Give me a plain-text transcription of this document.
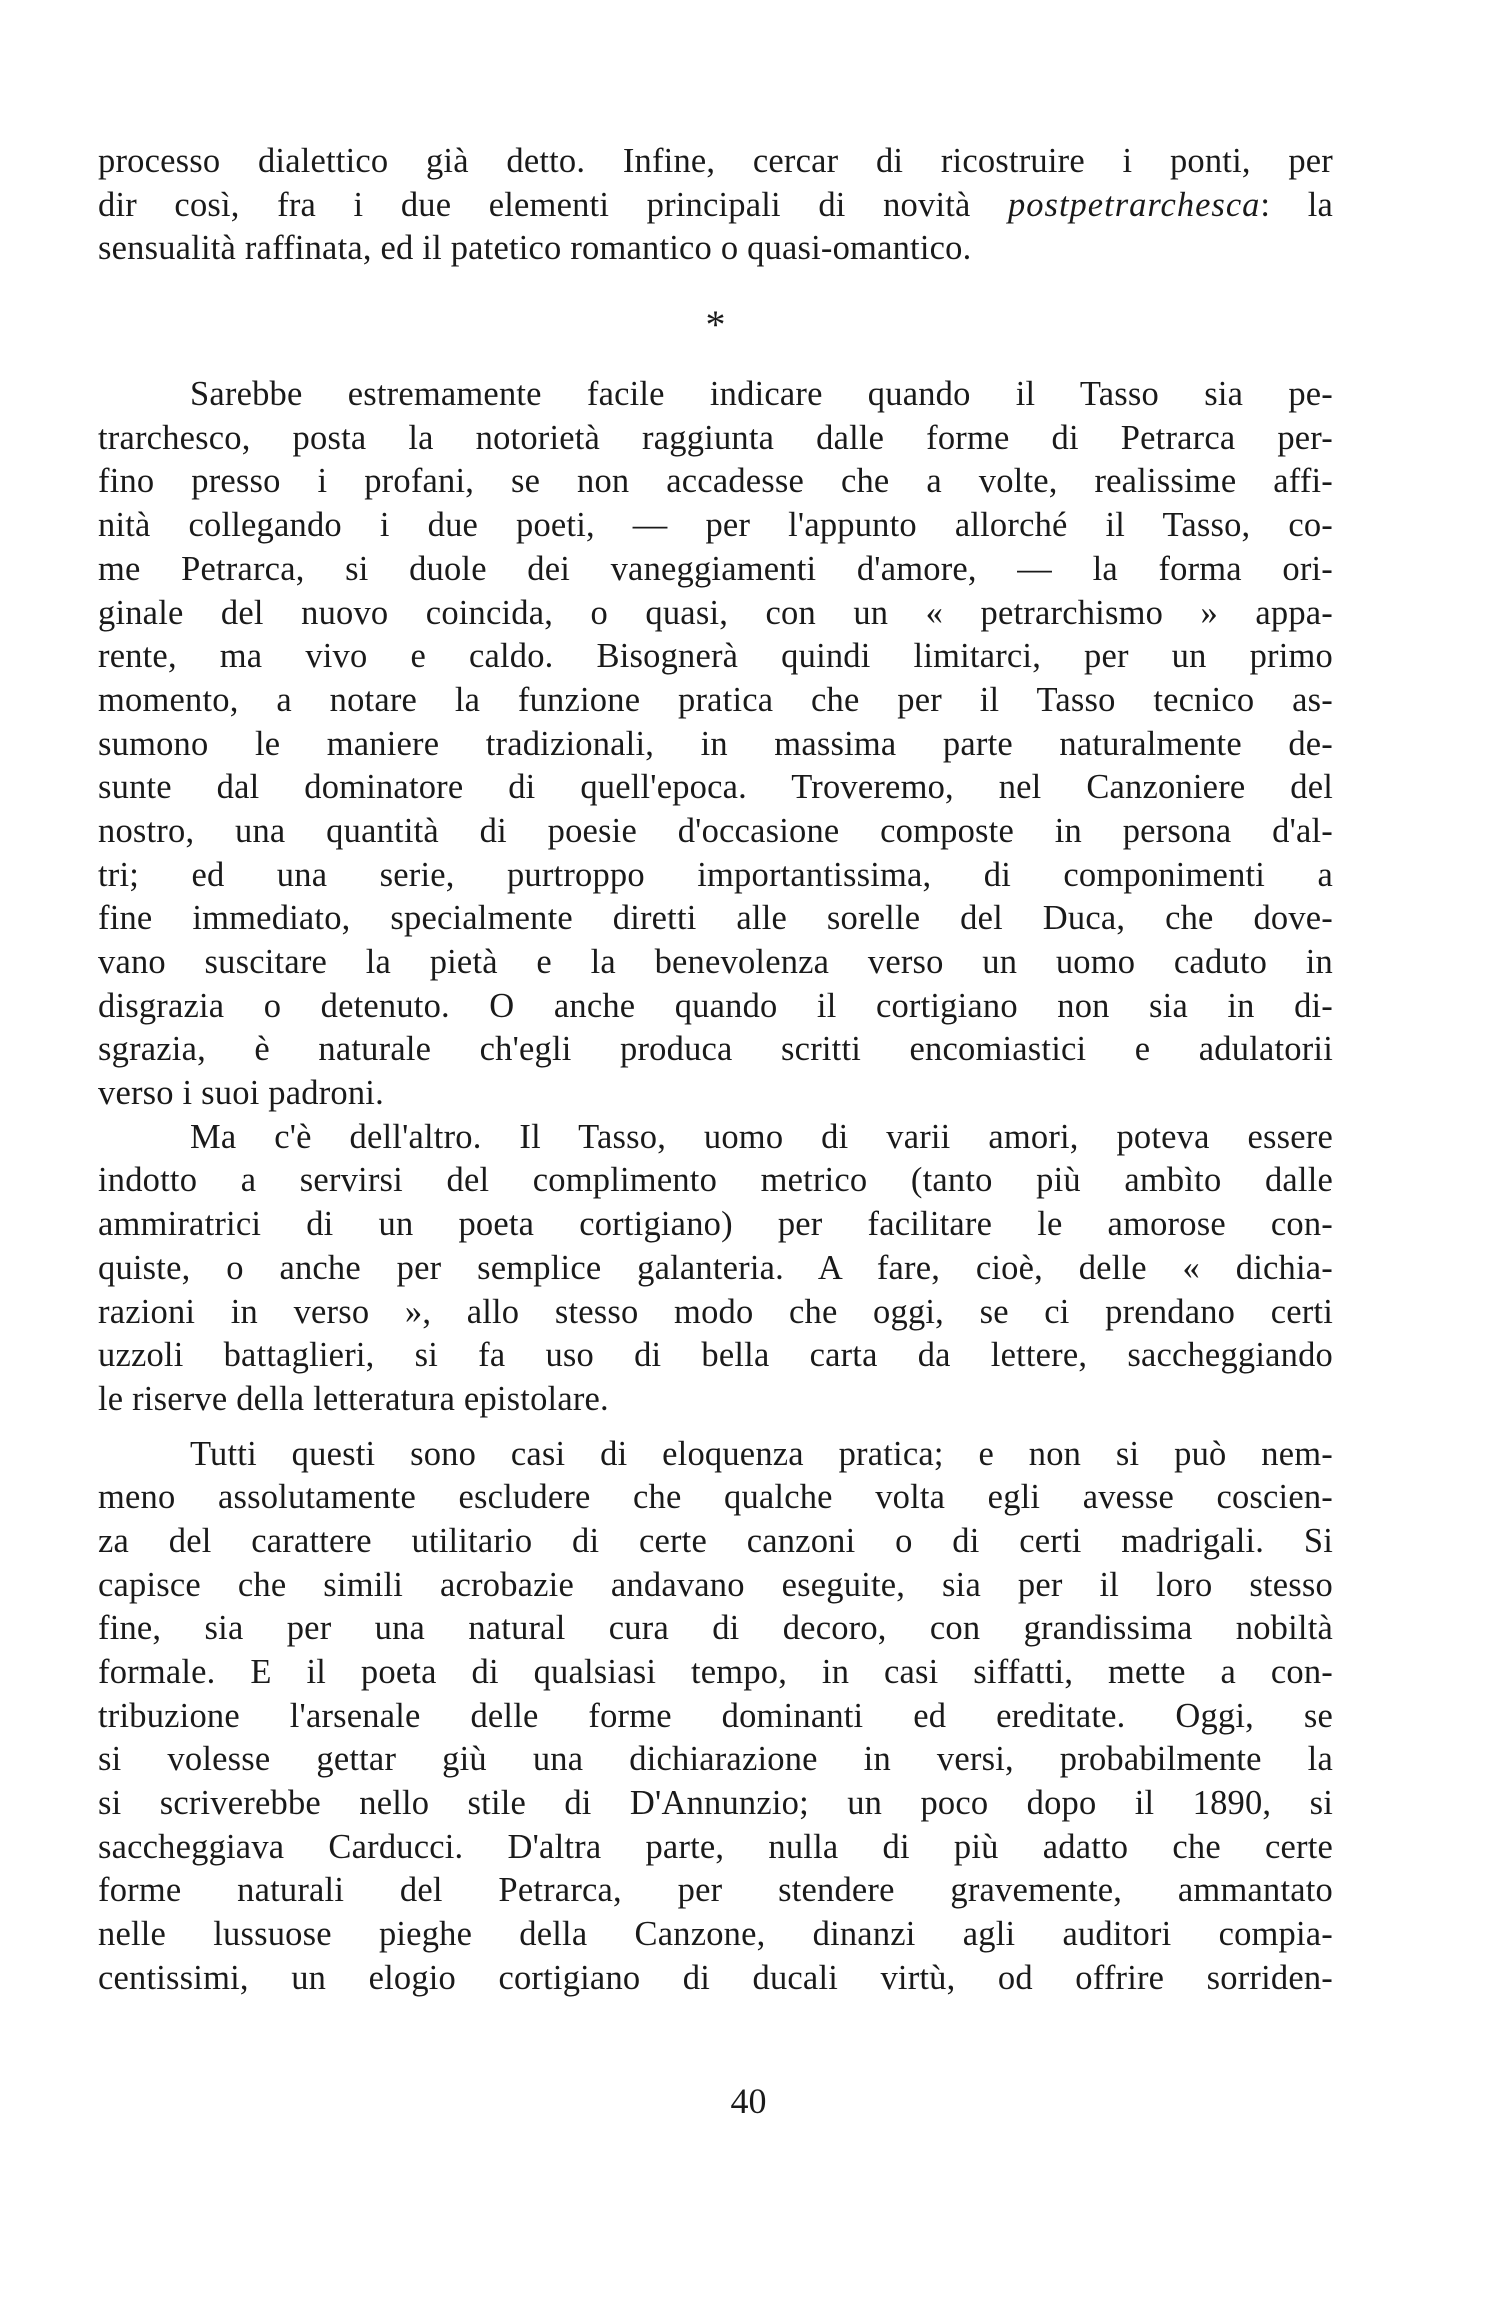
processo dialettico già detto. Infine, cercar di ricostruire i ponti, per
dir così, fra i due elementi principali di novità postpetrarchesca: la
sensualità raffinata, ed il patetico romantico o quasi-omantico.
*
Sarebbe estremamente facile indicare quando il Tasso sia pe-
trarchesco, posta la notorietà raggiunta dalle forme di Petrarca per-
fino presso i profani, se non accadesse che a volte, realissime affi-
nità collegando i due poeti, — per l'appunto allorché il Tasso, co-
me Petrarca, si duole dei vaneggiamenti d'amore, — la forma ori-
ginale del nuovo coincida, o quasi, con un « petrarchismo » appa-
rente, ma vivo e caldo. Bisognerà quindi limitarci, per un primo
momento, a notare la funzione pratica che per il Tasso tecnico as-
sumono le maniere tradizionali, in massima parte naturalmente de-
sunte dal dominatore di quell'epoca. Troveremo, nel Canzoniere del
nostro, una quantità di poesie d'occasione composte in persona d'al-
tri; ed una serie, purtroppo importantissima, di componimenti a
fine immediato, specialmente diretti alle sorelle del Duca, che dove-
vano suscitare la pietà e la benevolenza verso un uomo caduto in
disgrazia o detenuto. O anche quando il cortigiano non sia in di-
sgrazia, è naturale ch'egli produca scritti encomiastici e adulatorii
verso i suoi padroni.
Ma c'è dell'altro. Il Tasso, uomo di varii amori, poteva essere
indotto a servirsi del complimento metrico (tanto più ambìto dalle
ammiratrici di un poeta cortigiano) per facilitare le amorose con-
quiste, o anche per semplice galanteria. A fare, cioè, delle « dichia-
razioni in verso », allo stesso modo che oggi, se ci prendano certi
uzzoli battaglieri, si fa uso di bella carta da lettere, saccheggiando
le riserve della letteratura epistolare.
Tutti questi sono casi di eloquenza pratica; e non si può nem-
meno assolutamente escludere che qualche volta egli avesse coscien-
za del carattere utilitario di certe canzoni o di certi madrigali. Si
capisce che simili acrobazie andavano eseguite, sia per il loro stesso
fine, sia per una natural cura di decoro, con grandissima nobiltà
formale. E il poeta di qualsiasi tempo, in casi siffatti, mette a con-
tribuzione l'arsenale delle forme dominanti ed ereditate. Oggi, se
si volesse gettar giù una dichiarazione in versi, probabilmente la
si scriverebbe nello stile di D'Annunzio; un poco dopo il 1890, si
saccheggiava Carducci. D'altra parte, nulla di più adatto che certe
forme naturali del Petrarca, per stendere gravemente, ammantato
nelle lussuose pieghe della Canzone, dinanzi agli auditori compia-
centissimi, un elogio cortigiano di ducali virtù, od offrire sorriden-
40
